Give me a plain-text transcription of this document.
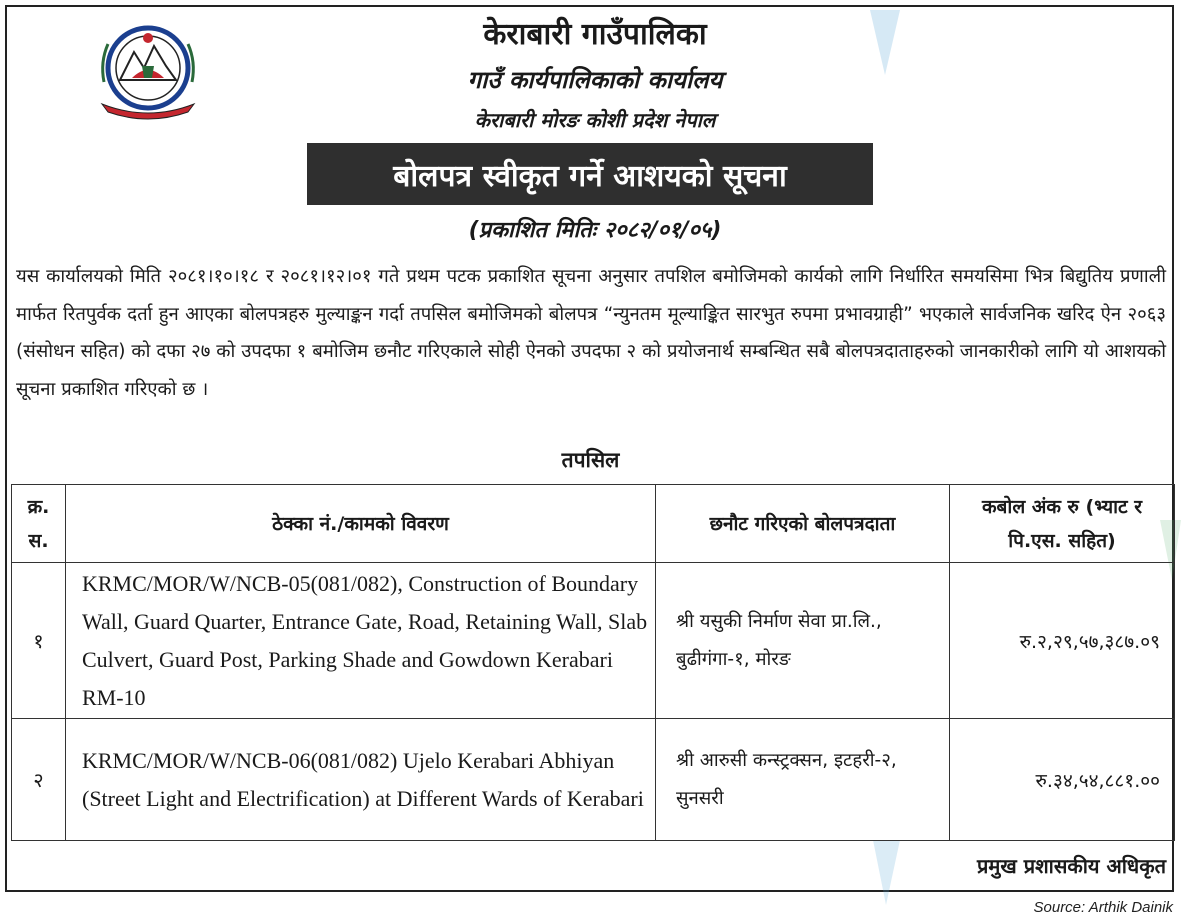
केराबारी गाउँपालिका
गाउँ कार्यपालिकाको कार्यालय
केराबारी मोरङ कोशी प्रदेश नेपाल
बोलपत्र स्वीकृत गर्ने आशयको सूचना
(प्रकाशित मितिः २०८२/०१/०५)

यस कार्यालयको मिति २०८१।१०।१८ र २०८१।१२।०१ गते प्रथम पटक प्रकाशित सूचना अनुसार तपशिल बमोजिमको कार्यको लागि निर्धारित समयसिमा भित्र बिद्युतिय प्रणाली मार्फत रितपुर्वक दर्ता हुन आएका बोलपत्रहरु मुल्याङ्कन गर्दा तपसिल बमोजिमको बोलपत्र “न्युनतम मूल्याङ्कित सारभुत रुपमा प्रभावग्राही” भएकाले सार्वजनिक खरिद ऐन २०६३ (संसोधन सहित) को दफा २७ को उपदफा १ बमोजिम छनौट गरिएकाले सोही ऐनको उपदफा २ को प्रयोजनार्थ सम्बन्धित सबै बोलपत्रदाताहरुको जानकारीको लागि यो आशयको सूचना प्रकाशित गरिएको छ ।

तपसिल
क्र. स.	ठेक्का नं./कामको विवरण	छनौट गरिएको बोलपत्रदाता	कबोल अंक रु (भ्याट र पि.एस. सहित)
१	KRMC/MOR/W/NCB-05(081/082), Construction of Boundary Wall, Guard Quarter, Entrance Gate, Road, Retaining Wall, Slab Culvert, Guard Post, Parking Shade and Gowdown Kerabari RM-10	श्री यसुकी निर्माण सेवा प्रा.लि., बुढीगंगा-१, मोरङ	रु.२,२९,५७,३८७.०९
२	KRMC/MOR/W/NCB-06(081/082) Ujelo Kerabari Abhiyan (Street Light and Electrification) at Different Wards of Kerabari	श्री आरुसी कन्स्ट्रक्सन, इटहरी-२, सुनसरी	रु.३४,५४,८८१.००
प्रमुख प्रशासकीय अधिकृत
Source: Arthik Dainik
